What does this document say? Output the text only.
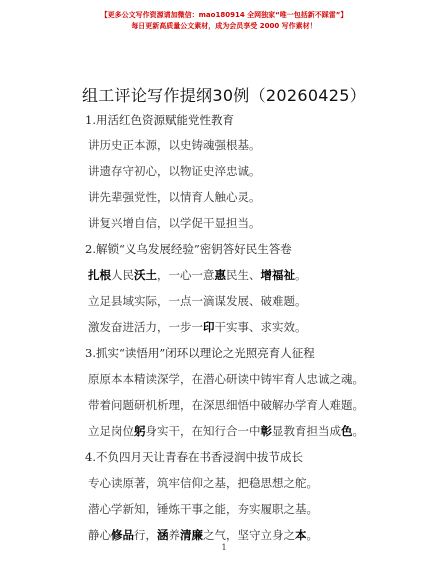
【更多公文写作资源请加微信：mao180914 全网独家“唯一包括新不踩雷”】
每日更新高质量公文素材，成为会员享受 2000 写作素材！
组工评论写作提纲30例（20260425）
1.用活红色资源赋能党性教育
讲历史正本源，以史铸魂强根基。
讲遗存守初心，以物证史淬忠诚。
讲先辈强党性，以情育人触心灵。
讲复兴增自信，以学促干显担当。
2.解锁“义乌发展经验”密钥答好民生答卷
扎根人民沃土，一心一意惠民生、增福祉。
立足县域实际，一点一滴谋发展、破难题。
激发奋进活力，一步一印干实事、求实效。
3.抓实“读悟用”闭环以理论之光照亮育人征程
原原本本精读深学，在潜心研读中铸牢育人忠诚之魂。
带着问题研机析理，在深思细悟中破解办学育人难题。
立足岗位躬身实干，在知行合一中彰显教育担当成色。
4.不负四月天让青春在书香浸润中拔节成长
专心读原著，筑牢信仰之基，把稳思想之舵。
潜心学新知，锤炼干事之能，夯实履职之基。
静心修品行，涵养清廉之气，坚守立身之本。
1
